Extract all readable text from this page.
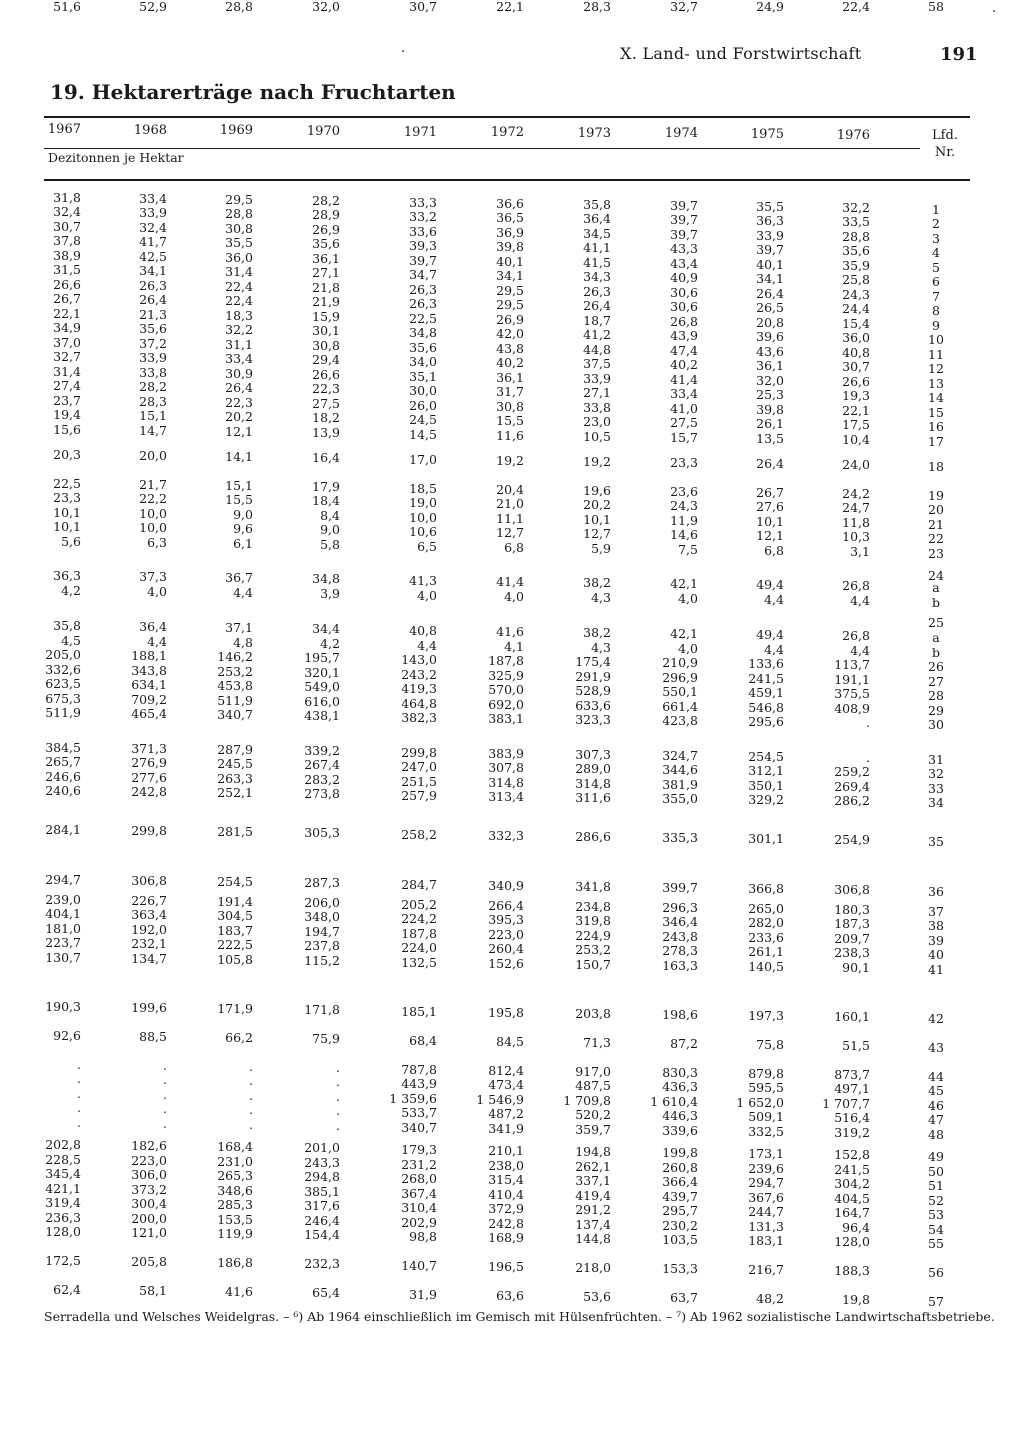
X. Land- und Forstwirtschaft	191
19. Hektarerträge nach Fruchtarten
1967	1968	1969	1970	1971	1972	1973	1974	1975	1976
Dezitonnen je Hektar
Lfd.
Nr.
31,8	33,4	29,5	28,2	33,3	36,6	35,8	39,7	35,5	32,2	1
32,4	33,9	28,8	28,9	33,2	36,5	36,4	39,7	36,3	33,5	2
30,7	32,4	30,8	26,9	33,6	36,9	34,5	39,7	33,9	28,8	3
37,8	41,7	35,5	35,6	39,3	39,8	41,1	43,3	39,7	35,6	4
38,9	42,5	36,0	36,1	39,7	40,1	41,5	43,4	40,1	35,9	5
31,5	34,1	31,4	27,1	34,7	34,1	34,3	40,9	34,1	25,8	6
26,6	26,3	22,4	21,8	26,3	29,5	26,3	30,6	26,4	24,3	7
26,7	26,4	22,4	21,9	26,3	29,5	26,4	30,6	26,5	24,4	8
22,1	21,3	18,3	15,9	22,5	26,9	18,7	26,8	20,8	15,4	9
34,9	35,6	32,2	30,1	34,8	42,0	41,2	43,9	39,6	36,0	10
37,0	37,2	31,1	30,8	35,6	43,8	44,8	47,4	43,6	40,8	11
32,7	33,9	33,4	29,4	34,0	40,2	37,5	40,2	36,1	30,7	12
31,4	33,8	30,9	26,6	35,1	36,1	33,9	41,4	32,0	26,6	13
27,4	28,2	26,4	22,3	30,0	31,7	27,1	33,4	25,3	19,3	14
23,7	28,3	22,3	27,5	26,0	30,8	33,8	41,0	39,8	22,1	15
19,4	15,1	20,2	18,2	24,5	15,5	23,0	27,5	26,1	17,5	16
15,6	14,7	12,1	13,9	14,5	11,6	10,5	15,7	13,5	10,4	17
20,3	20,0	14,1	16,4	17,0	19,2	19,2	23,3	26,4	24,0	18
22,5	21,7	15,1	17,9	18,5	20,4	19,6	23,6	26,7	24,2	19
23,3	22,2	15,5	18,4	19,0	21,0	20,2	24,3	27,6	24,7	20
10,1	10,0	9,0	8,4	10,0	11,1	10,1	11,9	10,1	11,8	21
10,1	10,0	9,6	9,0	10,6	12,7	12,7	14,6	12,1	10,3	22
5,6	6,3	6,1	5,8	6,5	6,8	5,9	7,5	6,8	3,1	23
24
36,3	37,3	36,7	34,8	41,3	41,4	38,2	42,1	49,4	26,8	a
4,2	4,0	4,4	3,9	4,0	4,0	4,3	4,0	4,4	4,4	b
25
35,8	36,4	37,1	34,4	40,8	41,6	38,2	42,1	49,4	26,8	a
4,5	4,4	4,8	4,2	4,4	4,1	4,3	4,0	4,4	4,4	b
205,0	188,1	146,2	195,7	143,0	187,8	175,4	210,9	133,6	113,7	26
332,6	343,8	253,2	320,1	243,2	325,9	291,9	296,9	241,5	191,1	27
623,5	634,1	453,8	549,0	419,3	570,0	528,9	550,1	459,1	375,5	28
675,3	709,2	511,9	616,0	464,8	692,0	633,6	661,4	546,8	408,9	29
511,9	465,4	340,7	438,1	382,3	383,1	323,3	423,8	295,6	.	30
384,5	371,3	287,9	339,2	299,8	383,9	307,3	324,7	254,5	.	31
265,7	276,9	245,5	267,4	247,0	307,8	289,0	344,6	312,1	259,2	32
246,6	277,6	263,3	283,2	251,5	314,8	314,8	381,9	350,1	269,4	33
240,6	242,8	252,1	273,8	257,9	313,4	311,6	355,0	329,2	286,2	34
284,1	299,8	281,5	305,3	258,2	332,3	286,6	335,3	301,1	254,9	35
294,7	306,8	254,5	287,3	284,7	340,9	341,8	399,7	366,8	306,8	36
239,0	226,7	191,4	206,0	205,2	266,4	234,8	296,3	265,0	180,3	37
404,1	363,4	304,5	348,0	224,2	395,3	319,8	346,4	282,0	187,3	38
181,0	192,0	183,7	194,7	187,8	223,0	224,9	243,8	233,6	209,7	39
223,7	232,1	222,5	237,8	224,0	260,4	253,2	278,3	261,1	238,3	40
130,7	134,7	105,8	115,2	132,5	152,6	150,7	163,3	140,5	90,1	41
190,3	199,6	171,9	171,8	185,1	195,8	203,8	198,6	197,3	160,1	42
92,6	88,5	66,2	75,9	68,4	84,5	71,3	87,2	75,8	51,5	43
.	.	.	.	787,8	812,4	917,0	830,3	879,8	873,7	44
.	.	.	.	443,9	473,4	487,5	436,3	595,5	497,1	45
.	.	.	.	1 359,6	1 546,9	1 709,8	1 610,4	1 652,0	1 707,7	46
.	.	.	.	533,7	487,2	520,2	446,3	509,1	516,4	47
.	.	.	.	340,7	341,9	359,7	339,6	332,5	319,2	48
202,8	182,6	168,4	201,0	179,3	210,1	194,8	199,8	173,1	152,8	49
228,5	223,0	231,0	243,3	231,2	238,0	262,1	260,8	239,6	241,5	50
345,4	306,0	265,3	294,8	268,0	315,4	337,1	366,4	294,7	304,2	51
421,1	373,2	348,6	385,1	367,4	410,4	419,4	439,7	367,6	404,5	52
319,4	300,4	285,3	317,6	310,4	372,9	291,2	295,7	244,7	164,7	53
236,3	200,0	153,5	246,4	202,9	242,8	137,4	230,2	131,3	96,4	54
128,0	121,0	119,9	154,4	98,8	168,9	144,8	103,5	183,1	128,0	55
172,5	205,8	186,8	232,3	140,7	196,5	218,0	153,3	216,7	188,3	56
62,4	58,1	41,6	65,4	31,9	63,6	53,6	63,7	48,2	19,8	57
51,6	52,9	28,8	32,0	30,7	22,1	28,3	32,7	24,9	22,4	58
Serradella und Welsches Weidelgras. – ⁶) Ab 1964 einschließlich im Gemisch mit Hülsenfrüchten. – ⁷) Ab 1962 sozialistische Landwirtschaftsbetriebe.
